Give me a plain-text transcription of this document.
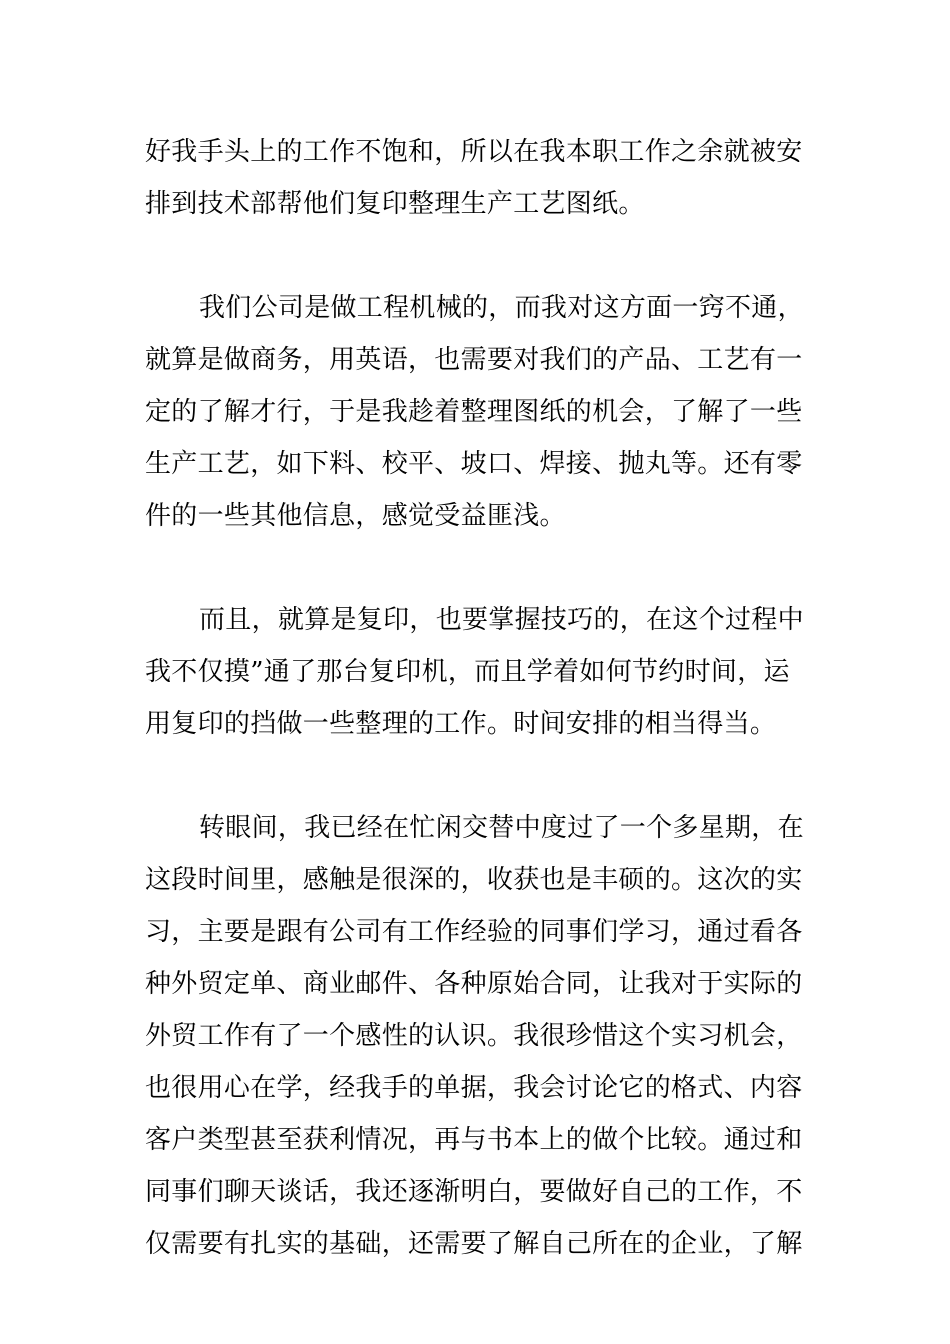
好我手头上的工作不饱和，所以在我本职工作之余就被安
排到技术部帮他们复印整理生产工艺图纸。
我们公司是做工程机械的，而我对这方面一窍不通，
就算是做商务，用英语，也需要对我们的产品、工艺有一
定的了解才行，于是我趁着整理图纸的机会，了解了一些
生产工艺，如下料、校平、坡口、焊接、抛丸等。还有零
件的一些其他信息，感觉受益匪浅。
而且，就算是复印，也要掌握技巧的，在这个过程中
我不仅摸”通了那台复印机，而且学着如何节约时间，运
用复印的挡做一些整理的工作。时间安排的相当得当。
转眼间，我已经在忙闲交替中度过了一个多星期，在
这段时间里，感触是很深的，收获也是丰硕的。这次的实
习，主要是跟有公司有工作经验的同事们学习，通过看各
种外贸定单、商业邮件、各种原始合同，让我对于实际的
外贸工作有了一个感性的认识。我很珍惜这个实习机会，
也很用心在学，经我手的单据，我会讨论它的格式、内容
客户类型甚至获利情况，再与书本上的做个比较。通过和
同事们聊天谈话，我还逐渐明白，要做好自己的工作，不
仅需要有扎实的基础，还需要了解自己所在的企业，了解
